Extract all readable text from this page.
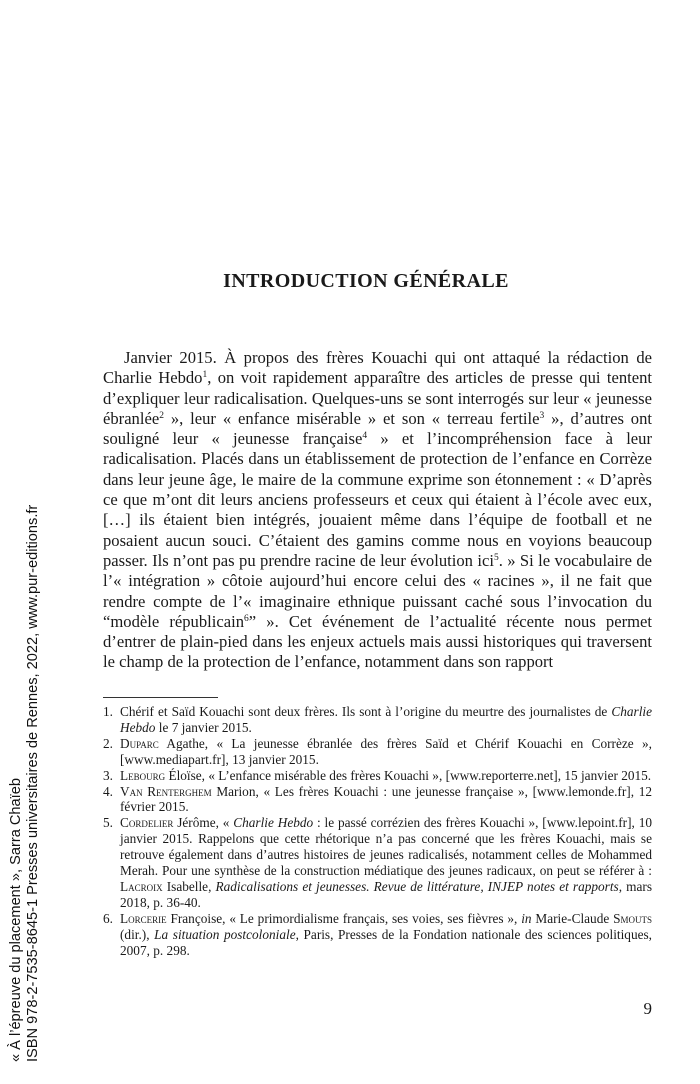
« À l’épreuve du placement », Sarra Chaïeb ISBN 978-2-7535-8645-1 Presses universitaires de Rennes, 2022, www.pur-editions.fr
INTRODUCTION GÉNÉRALE

Janvier 2015. À propos des frères Kouachi qui ont attaqué la rédaction de Charlie Hebdo$^1$, on voit rapidement apparaître des articles de presse qui tentent d’expliquer leur radicalisation. Quelques-uns se sont interrogés sur leur « jeunesse ébranlée$^2$ », leur « enfance misérable » et son « terreau fertile$^3$ », d’autres ont souligné leur « jeunesse française$^4$ » et l’incompréhension face à leur radicalisation. Placés dans un établissement de protection de l’enfance en Corrèze dans leur jeune âge, le maire de la commune exprime son étonnement : « D’après ce que m’ont dit leurs anciens professeurs et ceux qui étaient à l’école avec eux, […] ils étaient bien intégrés, jouaient même dans l’équipe de football et ne posaient aucun souci. C’étaient des gamins comme nous en voyions beaucoup passer. Ils n’ont pas pu prendre racine de leur évolution ici$^5$. » Si le vocabulaire de l’« intégration » côtoie aujourd’hui encore celui des « racines », il ne fait que rendre compte de l’« imaginaire ethnique puissant caché sous l’invocation du “modèle républicain$^6$” ». Cet événement de l’actualité récente nous permet d’entrer de plain-pied dans les enjeux actuels mais aussi historiques qui traversent le champ de la protection de l’enfance, notamment dans son rapport

1. Chérif et Saïd Kouachi sont deux frères. Ils sont à l’origine du meurtre des journalistes de Charlie Hebdo le 7 janvier 2015.
2. Duparc Agathe, « La jeunesse ébranlée des frères Saïd et Chérif Kouachi en Corrèze », [www.mediapart.fr], 13 janvier 2015.
3. Lebourg Éloïse, « L’enfance misérable des frères Kouachi », [www.reporterre.net], 15 janvier 2015.
4. Van Renterghem Marion, « Les frères Kouachi : une jeunesse française », [www.lemonde.fr], 12 février 2015.
5. Cordelier Jérôme, « Charlie Hebdo : le passé corrézien des frères Kouachi », [www.lepoint.fr], 10 janvier 2015. Rappelons que cette rhétorique n’a pas concerné que les frères Kouachi, mais se retrouve également dans d’autres histoires de jeunes radicalisés, notamment celles de Mohammed Merah. Pour une synthèse de la construction médiatique des jeunes radicaux, on peut se référer à : Lacroix Isabelle, Radicalisations et jeunesses. Revue de littérature, INJEP notes et rapports, mars 2018, p. 36-40.
6. Lorcerie Françoise, « Le primordialisme français, ses voies, ses fièvres », in Marie-Claude Smouts (dir.), La situation postcoloniale, Paris, Presses de la Fondation nationale des sciences politiques, 2007, p. 298.
9
